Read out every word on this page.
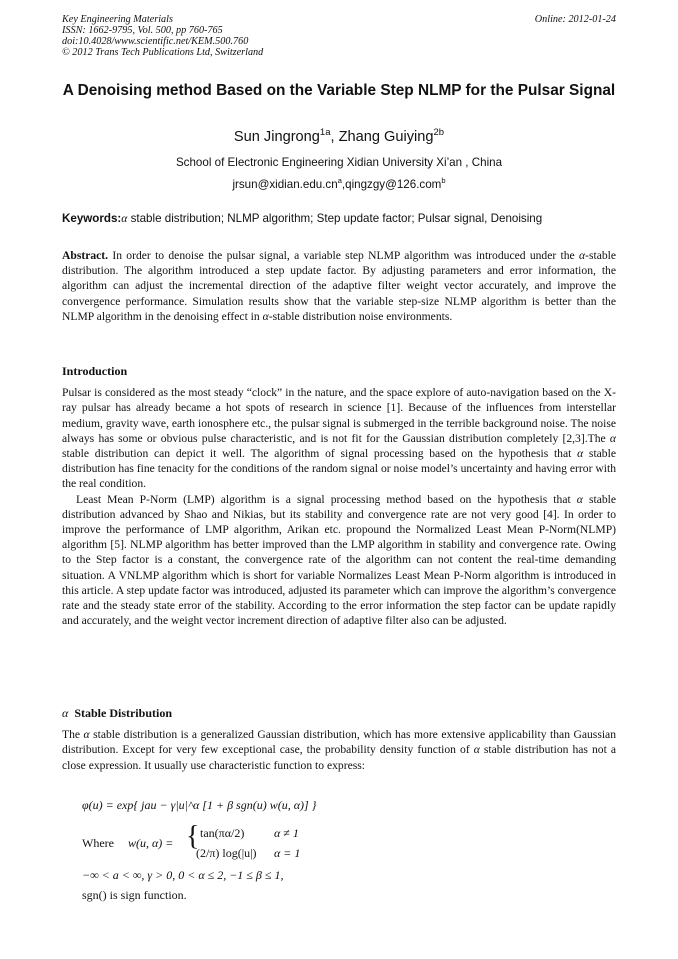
Key Engineering Materials
ISSN: 1662-9795, Vol. 500, pp 760-765
doi:10.4028/www.scientific.net/KEM.500.760
© 2012 Trans Tech Publications Ltd, Switzerland
Online: 2012-01-24
A Denoising method Based on the Variable Step NLMP for the Pulsar Signal
Sun Jingrong$^{1a}$, Zhang Guiying$^{2b}$
School of Electronic Engineering Xidian University Xi’an , China
$jrsun@xidian.edu.cn^a,qingzgy@126.com^b$
Keywords:α stable distribution; NLMP algorithm; Step update factor; Pulsar signal, Denoising
Abstract. In order to denoise the pulsar signal, a variable step NLMP algorithm was introduced under the α-stable distribution. The algorithm introduced a step update factor. By adjusting parameters and error information, the algorithm can adjust the incremental direction of the adaptive filter weight vector accurately, and improve the convergence performance. Simulation results show that the variable step-size NLMP algorithm is better than the NLMP algorithm in the denoising effect in α-stable distribution noise environments.
Introduction
Pulsar is considered as the most steady “clock” in the nature, and the space explore of auto-navigation based on the X-ray pulsar has already became a hot spots of research in science [1]. Because of the influences from interstellar medium, gravity wave, earth ionosphere etc., the pulsar signal is submerged in the terrible background noise. The noise always has some or obvious pulse characteristic, and is not fit for the Gaussian distribution completely [2,3].The α stable distribution can depict it well. The algorithm of signal processing based on the hypothesis that α stable distribution has fine tenacity for the conditions of the random signal or noise model’s uncertainty and having error with the real condition.
Least Mean P-Norm (LMP) algorithm is a signal processing method based on the hypothesis that α stable distribution advanced by Shao and Nikias, but its stability and convergence rate are not very good [4]. In order to improve the performance of LMP algorithm, Arikan etc. propound the Normalized Least Mean P-Norm(NLMP) algorithm [5]. NLMP algorithm has better improved than the LMP algorithm in stability and convergence rate. Owing to the Step factor is a constant, the convergence rate of the algorithm can not content the real-time demanding situation. A VNLMP algorithm which is short for variable Normalizes Least Mean P-Norm algorithm is introduced in this article. A step update factor was introduced, adjusted its parameter which can improve the algorithm’s convergence rate and the steady state error of the stability. According to the error information the step factor can be update rapidly and accurately, and the weight vector increment direction of adaptive filter also can be adjusted.
α Stable Distribution
The α stable distribution is a generalized Gaussian distribution, which has more extensive applicability than Gaussian distribution. Except for very few exceptional case, the probability density function of α stable distribution has not a close expression. It usually use characteristic function to express:
φ(u) = exp{ jau − γ|u|^α [1 + β sgn(u) w(u, α)] }
Where w(u, α) = { tan(πα/2) α ≠ 1
(2/π) log(|u|) α = 1
−∞ < a < ∞, γ > 0, 0 < α ≤ 2, −1 ≤ β ≤ 1,
sgn() is sign function.
